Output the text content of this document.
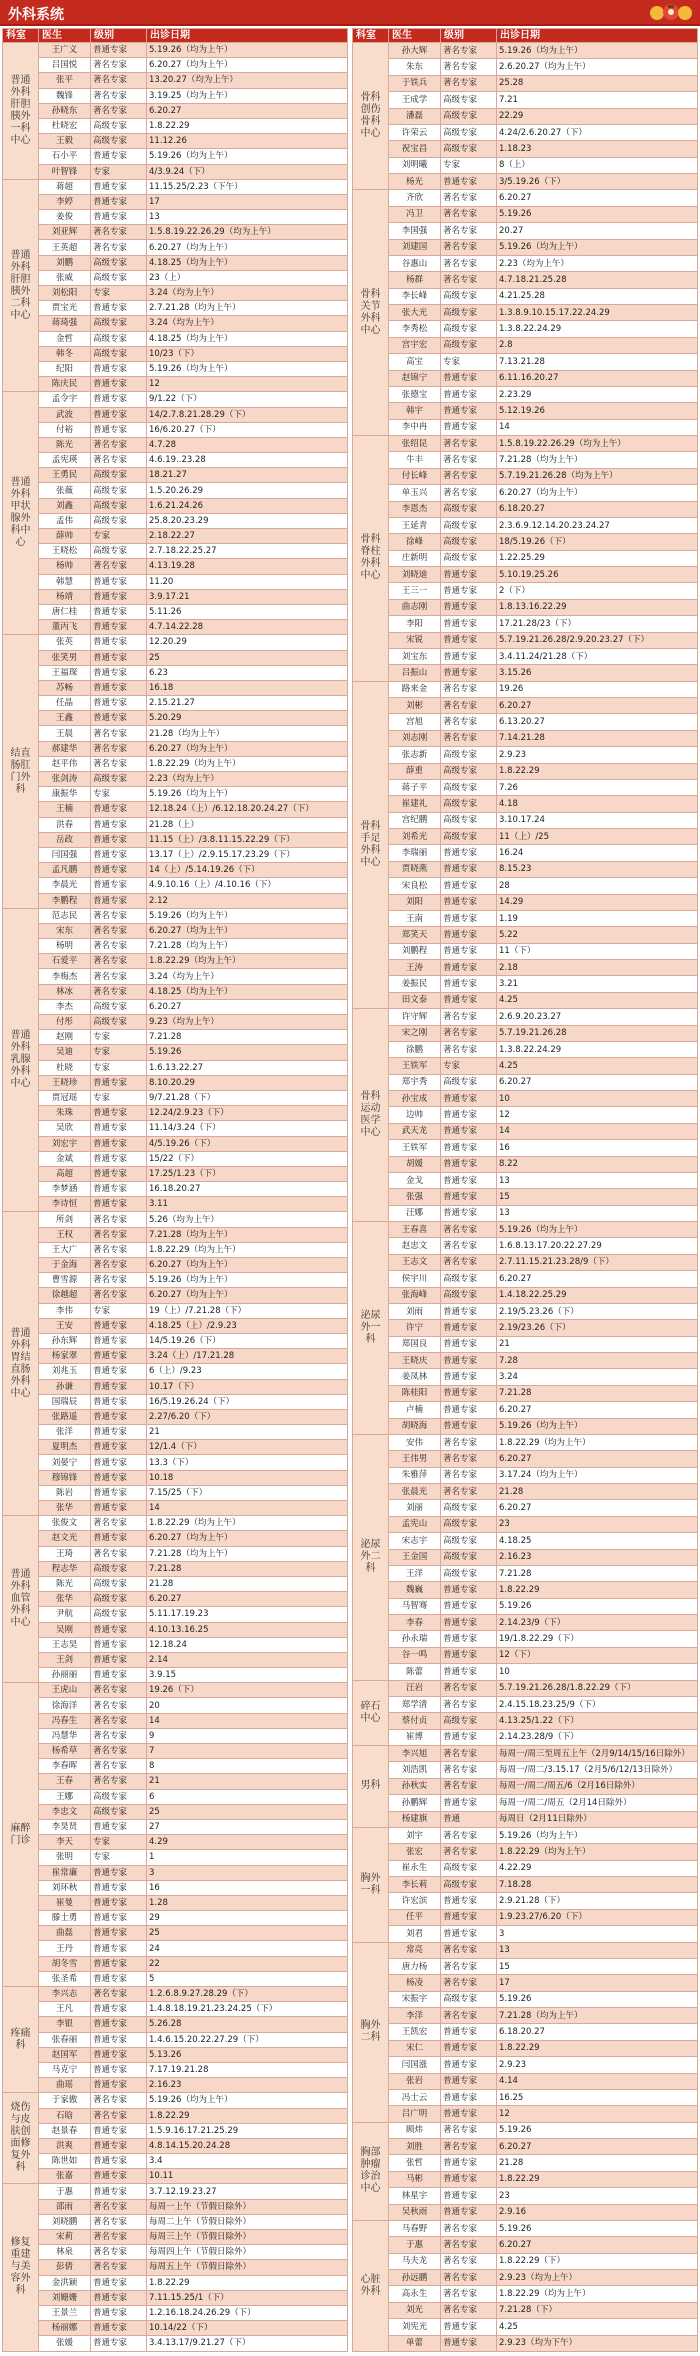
外科系统
科室	医生	级别	出诊日期
普通外科肝胆胰外一科中心	王广义	普通专家	5.19.26（均为上午）
	吕国悦	著名专家	6.20.27（均为上午）
	张平	著名专家	13.20.27（均为上午）
	魏锋	著名专家	3.19.25（均为上午）
	孙晓东	著名专家	6.20.27
	杜晓宏	高级专家	1.8.22.29
	王毅	高级专家	11.12.26
	石小平	普通专家	5.19.26（均为上午）
	叶智锋	专家	4/3.9.24（下）
普通外科肝胆胰外二科中心	蒋超	普通专家	11.15.25/2.23（下午）
	李婷	普通专家	17
	姜俊	普通专家	13
	刘亚辉	著名专家	1.5.8.19.22.26.29（均为上午）
	王英超	著名专家	6.20.27（均为上午）
	刘鹏	高级专家	4.18.25（均为上午）
	张威	高级专家	23（上）
	刘松阳	专家	3.24（均为上午）
	贾宝光	普通专家	2.7.21.28（均为上午）
	蒋琦强	高级专家	3.24（均为上午）
	金哲	高级专家	4.18.25（均为上午）
	韩冬	高级专家	10/23（下）
	纪阳	普通专家	5.19.26（均为上午）
	陈庆民	普通专家	12
普通外科甲状腺外科中心	孟令宇	普通专家	9/1.22（下）
	武波	普通专家	14/2.7.8.21.28.29（下）
	付裕	普通专家	16/6.20.27（下）
	陈光	著名专家	4.7.28
	孟宪瑛	著名专家	4.6.19..23.28
	王勇民	高级专家	18.21.27
	张薇	高级专家	1.5.20.26.29
	刘鑫	高级专家	1.6.21.24.26
	孟伟	高级专家	25.8.20.23.29
	薛帅	专家	2.18.22.27
	王晓松	高级专家	2.7.18.22.25.27
	杨帅	著名专家	4.13.19.28
	韩慧	普通专家	11.20
	杨靖	普通专家	3.9.17.21
	唐仁桂	普通专家	5.11.26
	董丙飞	普通专家	4.7.14.22.28
结直肠肛门外科	张英	普通专家	12.20.29
	张笑男	普通专家	25
	王福琛	普通专家	6.23
	苏畅	普通专家	16.18
	任晶	普通专家	2.15.21.27
	王鑫	普通专家	5.20.29
	王晨	著名专家	21.28（均为上午）
	郝建华	著名专家	6.20.27（均为上午）
	赵平伟	著名专家	1.8.22.29（均为上午）
	张剑涛	高级专家	2.23（均为上午）
	康振华	专家	5.19.26（均为上午）
	王楠	普通专家	12.18.24（上）/6.12.18.20.24.27（下）
	洪春	普通专家	21.28（上）
	岳政	普通专家	11.15（上）/3.8.11.15.22.29（下）
	闫国强	普通专家	13.17（上）/2.9.15.17.23.29（下）
	孟凡鹏	普通专家	14（上）/5.14.19.26（下）
	李晨光	普通专家	4.9.10.16（上）/4.10.16（下）
	李鹏程	普通专家	2.12
普通外科乳腺外科中心	范志民	著名专家	5.19.26（均为上午）
	宋东	著名专家	6.20.27（均为上午）
	杨明	著名专家	7.21.28（均为上午）
	石爱平	著名专家	1.8.22.29（均为上午）
	李梅杰	著名专家	3.24（均为上午）
	林冰	著名专家	4.18.25（均为上午）
	李杰	高级专家	6.20.27
	付彤	高级专家	9.23（均为上午）
	赵刚	专家	7.21.28
	吴迪	专家	5.19.26
	杜晓	专家	1.6.13.22.27
	王晓珍	普通专家	8.10.20.29
	贾冠瑶	专家	9/7.21.28（下）
	朱珠	普通专家	12.24/2.9.23（下）
	吴欣	普通专家	11.14/3.24（下）
	刘宏宇	普通专家	4/5.19.26（下）
	金斌	普通专家	15/22（下）
	高超	普通专家	17.25/1.23（下）
	李梦涵	普通专家	16.18.20.27
	李诗恒	普通专家	3.11
普通外科胃结直肠外科中心	所剑	著名专家	5.26（均为上午）
	王权	著名专家	7.21.28（均为上午）
	王大广	著名专家	1.8.22.29（均为上午）
	于金海	著名专家	6.20.27（均为上午）
	曹雪源	著名专家	5.19.26（均为上午）
	徐越超	著名专家	6.20.27（均为上午）
	李伟	专家	19（上）/7.21.28（下）
	王安	普通专家	4.18.25（上）/2.9.23
	孙东辉	普通专家	14/5.19.26（下）
	杨家翠	普通专家	3.24（上）/17.21.28
	刘兆玉	普通专家	6（上）/9.23
	孙谦	普通专家	10.17（下）
	国瑞辰	普通专家	16/5.19.26.24（下）
	张路遥	普通专家	2.27/6.20（下）
	张洋	普通专家	21
	夏明杰	普通专家	12/1.4（下）
	刘晏宁	普通专家	13.3（下）
	穆锦锋	普通专家	10.18
	陈岩	普通专家	7.15/25（下）
	张华	普通专家	14
普通外科血管外科中心	张俊文	著名专家	1.8.22.29（均为上午）
	赵文光	普通专家	6.20.27（均为上午）
	王琦	著名专家	7.21.28（均为上午）
	程志华	高级专家	7.21.28
	陈光	高级专家	21.28
	张华	高级专家	6.20.27
	尹航	高级专家	5.11.17.19.23
	吴刚	普通专家	4.10.13.16.25
	王志昊	普通专家	12.18.24
	王剑	普通专家	2.14
	孙丽丽	普通专家	3.9.15
麻醉门诊	王虎山	著名专家	19.26（下）
	徐海洋	著名专家	20
	冯春生	著名专家	14
	冯慧华	著名专家	9
	杨希草	著名专家	7
	李春晖	著名专家	8
	王春	著名专家	21
	王娜	高级专家	6
	李忠文	高级专家	25
	李昊贤	普通专家	27
	李天	专家	4.29
	张明	专家	1
	崔常廉	普通专家	3
	刘环秋	普通专家	16
	崔曼	普通专家	1.28
	滕士勇	普通专家	29
	曲磊	普通专家	25
	王丹	普通专家	24
	胡冬雪	普通专家	22
	张圣希	普通专家	5
疼痛科	李兴志	著名专家	1.2.6.8.9.27.28.29（下）
	王凡	普通专家	1.4.8.18.19.21.23.24.25（下）
	李银	普通专家	5.26.28
	张春丽	普通专家	1.4.6.15.20.22.27.29（下）
	赵国军	普通专家	5.13.26
	马克宁	普通专家	7.17.19.21.28
	曲瑶	普通专家	2.16.23
烧伤与皮肤创面修复外科	于家傲	著名专家	5.19.26（均为上午）
	石晗	著名专家	1.8.22.29
	赵景春	普通专家	1.5.9.16.17.21.25.29
	洪爽	普通专家	4.8.14.15.20.24.28
	陈世如	普通专家	3.4
	张嘉	普通专家	10.11
修复重建与美容外科	于惠	普通专家	3.7.12.19.23.27
	邵雨	著名专家	每周一上午（节假日除外）
	刘晓鹏	著名专家	每周二上午（节假日除外）
	宋莉	著名专家	每周三上午（节假日除外）
	林泉	著名专家	每周四上午（节假日除外）
	彭倩	著名专家	每周五上午（节假日除外）
	金洪颖	普通专家	1.8.22.29
	刘姗姗	普通专家	7.11.15.25/1（下）
	王景兰	普通专家	1.2.16.18.24.26.29（下）
	杨丽娜	普通专家	10.14/22（下）
	张媛	普通专家	3.4.13.17/9.21.27（下）
科室	医生	级别	出诊日期
骨科创伤骨科中心	孙大辉	著名专家	5.19.26（均为上午）
	朱东	著名专家	2.6.20.27（均为上午）
	于铁兵	著名专家	25.28
	王成学	高级专家	7.21
	潘磊	高级专家	22.29
	许荣云	高级专家	4.24/2.6.20.27（下）
	祝宝昌	高级专家	1.18.23
	刘明曦	专家	8（上）
	杨光	普通专家	3/5.19.26（下）
骨科关节外科中心	齐欣	著名专家	6.20.27
	冯卫	著名专家	5.19.26
	李国强	著名专家	20.27
	刘建国	著名专家	5.19.26（均为上午）
	谷惠山	著名专家	2.23（均为上午）
	杨群	著名专家	4.7.18.21.25.28
	李长峰	高级专家	4.21.25.28
	张大光	高级专家	1.3.8.9.10.15.17.22.24.29
	李秀松	高级专家	1.3.8.22.24.29
	宫宇宏	高级专家	2.8
	高宝	专家	7.13.21.28
	赵锦宁	普通专家	6.11.16.20.27
	张德宝	普通专家	2.23.29
	韩宇	普通专家	5.12.19.26
	李中冉	普通专家	14
骨科脊柱外科中心	张绍昆	著名专家	1.5.8.19.22.26.29（均为上午）
	牛丰	著名专家	7.21.28（均为上午）
	付长峰	著名专家	5.7.19.21.26.28（均为上午）
	单玉兴	著名专家	6.20.27（均为上午）
	李恩杰	高级专家	6.18.20.27
	王延青	高级专家	2.3.6.9.12.14.20.23.24.27
	徐峰	高级专家	18/5.19.26（下）
	庄新明	高级专家	1.22.25.29
	刘晓迪	普通专家	5.10.19.25.26
	王三一	普通专家	2（下）
	曲志刚	普通专家	1.8.13.16.22.29
	李阳	普通专家	17.21.28/23（下）
	宋锐	普通专家	5.7.19.21.26.28/2.9.20.23.27（下）
	刘宝东	普通专家	3.4.11.24/21.28（下）
	吕振山	普通专家	3.15.26
骨科手足外科中心	路来金	著名专家	19.26
	刘彬	著名专家	6.20.27
	宫旭	著名专家	6.13.20.27
	刘志刚	著名专家	7.14.21.28
	张志新	高级专家	2.9.23
	薛重	高级专家	1.8.22.29
	蒋子平	高级专家	7.26
	崔建礼	高级专家	4.18
	宫纪鹏	高级专家	3.10.17.24
	刘希光	高级专家	11（上）/25
	李瑞丽	普通专家	16.24
	贾晓燕	普通专家	8.15.23
	宋良松	普通专家	28
	刘阳	普通专家	14.29
	王南	普通专家	1.19
	郑笑天	普通专家	5.22
	刘鹏程	普通专家	11（下）
	王涛	普通专家	2.18
	姜振民	普通专家	3.21
	田文泰	普通专家	4.25
骨科运动医学中心	许守辉	著名专家	2.6.9.20.23.27
	宋之刚	著名专家	5.7.19.21.26.28
	徐鹏	著名专家	1.3.8.22.24.29
	王铁军	专家	4.25
	郑宇秀	高级专家	6.20.27
	孙宝成	普通专家	10
	边帅	普通专家	12
	武天龙	普通专家	14
	王铁军	普通专家	16
	胡媛	普通专家	8.22
	金戈	普通专家	13
	张强	普通专家	15
	汪娜	普通专家	13
泌尿外一科	王春喜	著名专家	5.19.26（均为上午）
	赵忠文	著名专家	1.6.8.13.17.20.22.27.29
	王志文	著名专家	2.7.11.15.21.23.28/9（下）
	侯宇川	高级专家	6.20.27
	张海峰	高级专家	1.4.18.22.25.29
	刘雨	普通专家	2.19/5.23.26（下）
	许宁	普通专家	2.19/23.26（下）
	郑国良	普通专家	21
	王晓庆	普通专家	7.28
	姜凤林	普通专家	3.24
	陈桂阳	普通专家	7.21.28
	卢楠	普通专家	6.20.27
	胡晓海	普通专家	5.19.26（均为上午）
泌尿外二科	安伟	著名专家	1.8.22.29（均为上午）
	王伟男	著名专家	6.20.27
	朱雅萍	著名专家	3.17.24（均为上午）
	张晨光	著名专家	21.28
	刘丽	高级专家	6.20.27
	孟宪山	高级专家	23
	宋志宇	高级专家	4.18.25
	王金国	高级专家	2.16.23
	王洋	高级专家	7.21.28
	魏巍	普通专家	1.8.22.29
	马智骞	普通专家	5.19.26
	李春	普通专家	2.14.23/9（下）
	孙永瑞	普通专家	19/1.8.22.29（下）
	谷一鸣	普通专家	12（下）
	陈蕾	普通专家	10
碎石中心	汪岩	著名专家	5.7.19.21.26.28/1.8.22.29（下）
	郑学清	著名专家	2.4.15.18.23.25/9（下）
	蔡付贞	高级专家	4.13.25/1.22（下）
	崔博	普通专家	2.14.23.28/9（下）
男科	李兴旭	著名专家	每周一/周三至周五上午（2月9/14/15/16日除外）
	刘浩凯	著名专家	每周一/周二/3.15.17（2月5/6/12/13日除外）
	孙秋实	著名专家	每周一/周二/周五/6（2月16日除外）
	孙鹏辉	普通专家	每周一/周二/周五（2月14日除外）
	杨建旗	普通	每周日（2月11日除外）
胸外一科	刘宇	著名专家	5.19.26（均为上午）
	张宏	著名专家	1.8.22.29（均为上午）
	崔永生	高级专家	4.22.29
	李长莉	高级专家	7.18.28
	许宏滨	普通专家	2.9.21.28（下）
	任平	普通专家	1.9.23.27/6.20（下）
	刘君	普通专家	3
胸外二科	常亮	著名专家	13
	唐力杨	著名专家	15
	杨凌	著名专家	17
	宋振宇	高级专家	5.19.26
	李洋	著名专家	7.21.28（均为上午）
	王凯宏	普通专家	6.18.20.27
	宋仁	普通专家	1.8.22.29
	闫国涨	普通专家	2.9.23
	张岩	普通专家	4.14
	冯士云	普通专家	16.25
	吕广明	普通专家	12
胸部肿瘤诊治中心	顾炜	著名专家	5.19.26
	刘胜	著名专家	6.20.27
	张哲	普通专家	21.28
	马彬	普通专家	1.8.22.29
	林星宇	普通专家	23
	吴秋雨	普通专家	2.9.16
心脏外科	马春野	著名专家	5.19.26
	于惠	著名专家	6.20.27
	马夫龙	著名专家	1.8.22.29（下）
	孙远鹏	著名专家	2.9.23（均为上午）
	高永生	著名专家	1.8.22.29（均为上午）
	刘光	著名专家	7.21.28（下）
	刘宪光	普通专家	4.25
	单蕾	普通专家	2.9.23（均为下午）
